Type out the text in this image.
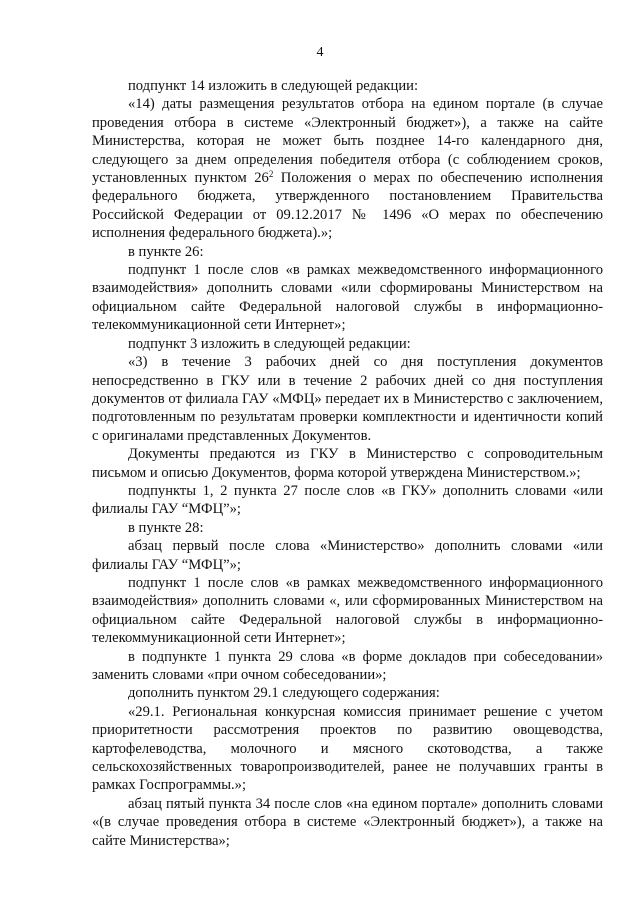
4

подпункт 14 изложить в следующей редакции:

«14) даты размещения результатов отбора на едином портале (в случае проведения отбора в системе «Электронный бюджет»), а также на сайте Министерства, которая не может быть позднее 14-го календарного дня, следующего за днем определения победителя отбора (с соблюдением сроков, установленных пунктом $26^2$ Положения о мерах по обеспечению исполнения федерального бюджета, утвержденного постановлением Правительства Российской Федерации от 09.12.2017 № 1496 «О мерах по обеспечению исполнения федерального бюджета).»;

в пункте 26:

подпункт 1 после слов «в рамках межведомственного информационного взаимодействия» дополнить словами «или сформированы Министерством на официальном сайте Федеральной налоговой службы в информационно-телекоммуникационной сети Интернет»;

подпункт 3 изложить в следующей редакции:

«3) в течение 3 рабочих дней со дня поступления документов непосредственно в ГКУ или в течение 2 рабочих дней со дня поступления документов от филиала ГАУ «МФЦ» передает их в Министерство с заключением, подготовленным по результатам проверки комплектности и идентичности копий с оригиналами представленных Документов.

Документы предаются из ГКУ в Министерство с сопроводительным письмом и описью Документов, форма которой утверждена Министерством.»;

подпункты 1, 2 пункта 27 после слов «в ГКУ» дополнить словами «или филиалы ГАУ “МФЦ”»;

в пункте 28:

абзац первый после слова «Министерство» дополнить словами «или филиалы ГАУ “МФЦ”»;

подпункт 1 после слов «в рамках межведомственного информационного взаимодействия» дополнить словами «, или сформированных Министерством на официальном сайте Федеральной налоговой службы в информационно-телекоммуникационной сети Интернет»;

в подпункте 1 пункта 29 слова «в форме докладов при собеседовании» заменить словами «при очном собеседовании»;

дополнить пунктом 29.1 следующего содержания:

«29.1. Региональная конкурсная комиссия принимает решение с учетом приоритетности рассмотрения проектов по развитию овощеводства, картофелеводства, молочного и мясного скотоводства, а также сельскохозяйственных товаропроизводителей, ранее не получавших гранты в рамках Госпрограммы.»;

абзац пятый пункта 34 после слов «на едином портале» дополнить словами «(в случае проведения отбора в системе «Электронный бюджет»), а также на сайте Министерства»;
